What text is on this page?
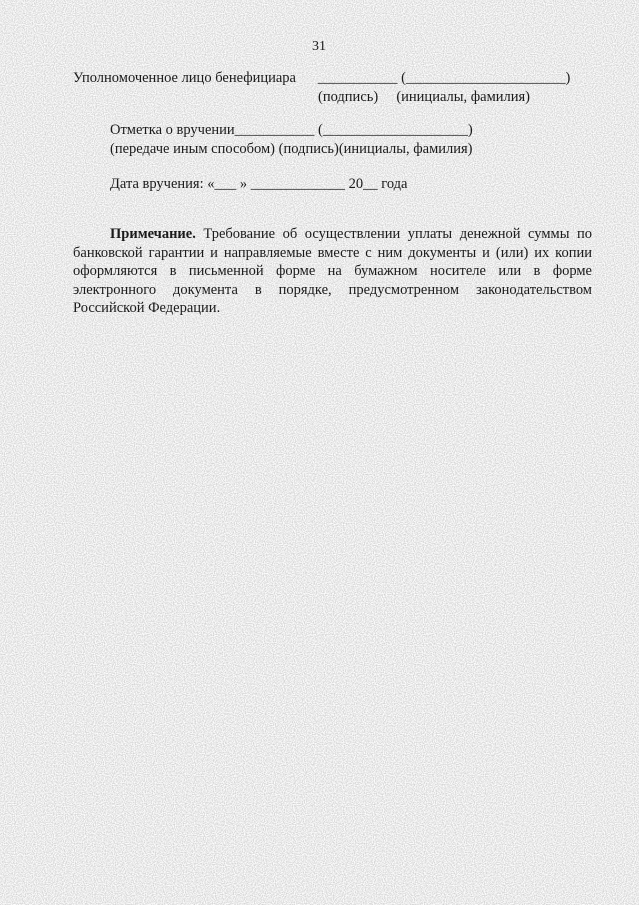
31
Уполномоченное лицо бенефициара      ___________ (______________________)
(подпись)     (инициалы, фамилия)
Отметка о вручении___________ (____________________)
(передаче иным способом) (подпись)(инициалы, фамилия)
Дата вручения: «___ » _____________ 20__ года
Примечание. Требование об осуществлении уплаты денежной суммы по банковской гарантии и направляемые вместе с ним документы и (или) их копии оформляются в письменной форме на бумажном носителе или в форме электронного документа в порядке, предусмотренном законодательством Российской Федерации.
